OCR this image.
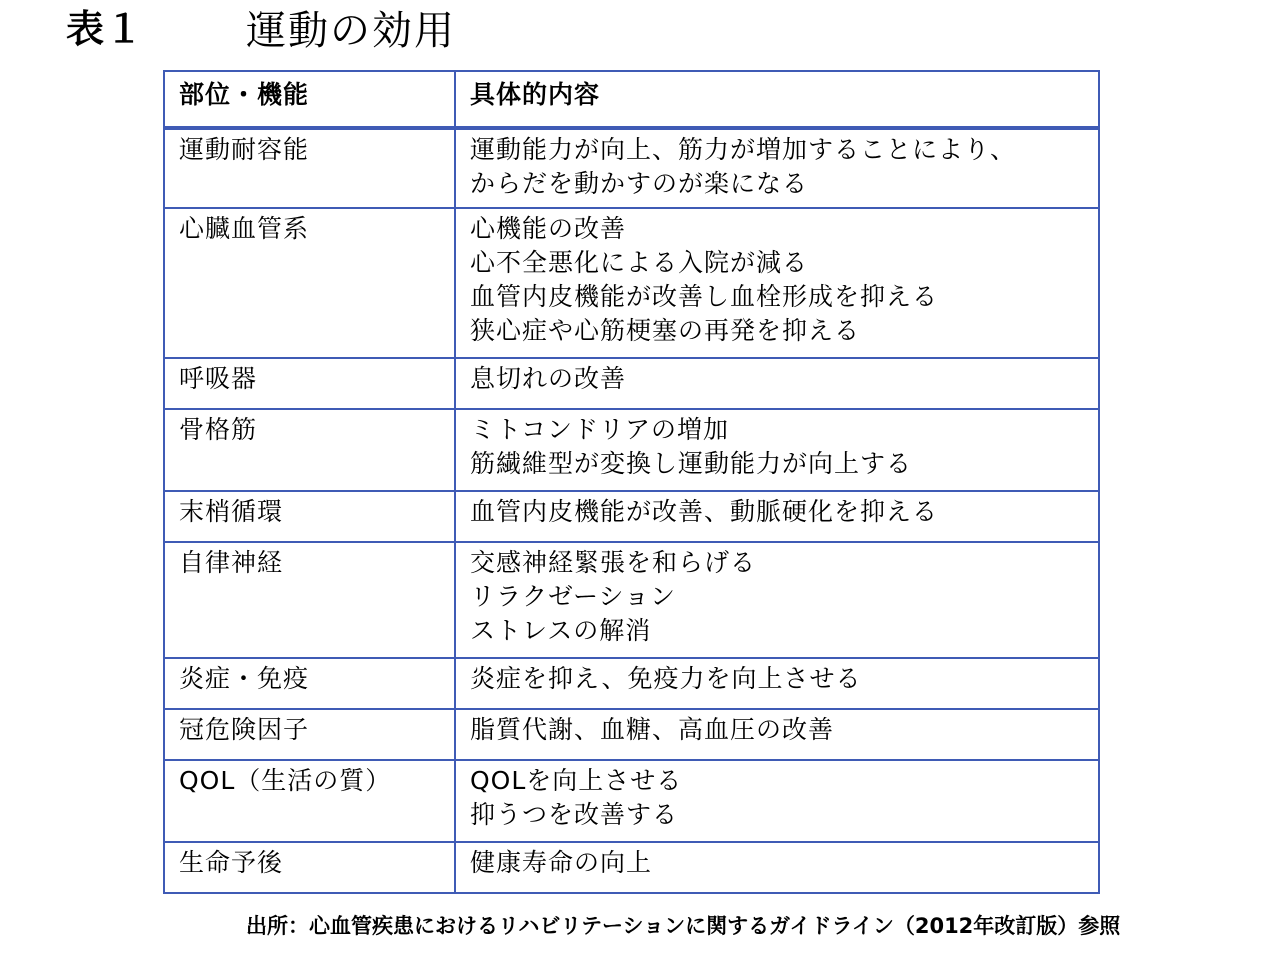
表１	運動の効用
部位・機能	具体的内容
運動耐容能	運動能力が向上、筋力が増加することにより、
からだを動かすのが楽になる

心臓血管系	心機能の改善
心不全悪化による入院が減る
血管内皮機能が改善し血栓形成を抑える
狭心症や心筋梗塞の再発を抑える

呼吸器	息切れの改善

骨格筋	ミトコンドリアの増加
筋繊維型が変換し運動能力が向上する

末梢循環	血管内皮機能が改善、動脈硬化を抑える

自律神経	交感神経緊張を和らげる
リラクゼーション
ストレスの解消

炎症・免疫	炎症を抑え、免疫力を向上させる

冠危険因子	脂質代謝、血糖、高血圧の改善

QOL（生活の質）	QOLを向上させる
抑うつを改善する

生命予後	健康寿命の向上
出所：心血管疾患におけるリハビリテーションに関するガイドライン（2012年改訂版）参照
